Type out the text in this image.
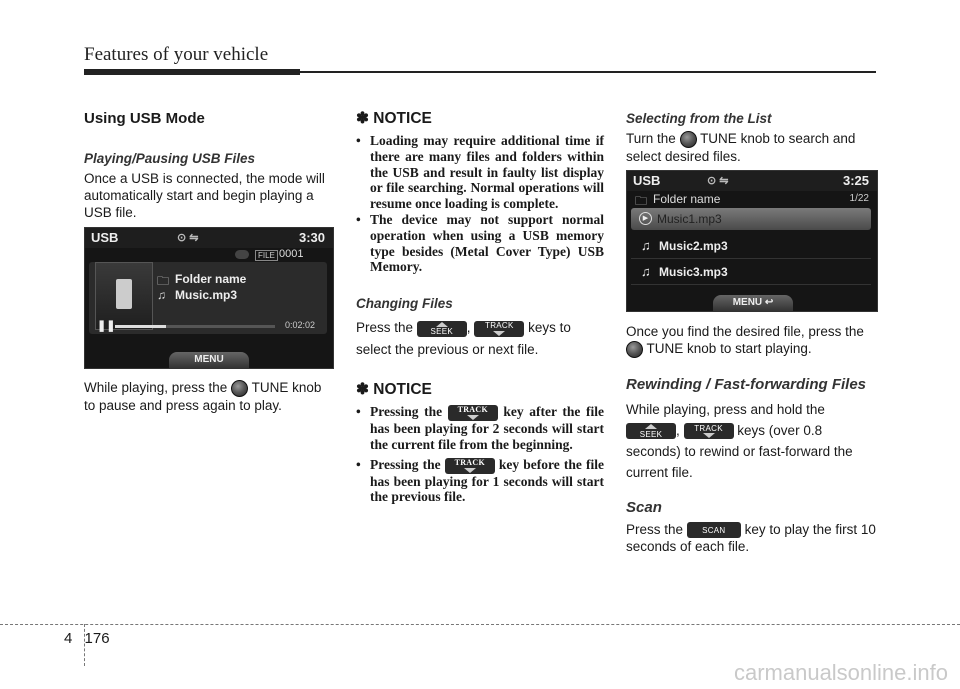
Features of your vehicle
Using USB Mode
Playing/Pausing USB Files

Once a USB is connected, the mode will automatically start and begin playing a USB file.

USB	⊙ ⇋	3:30
FILE 0001
🗀 Folder name
♫ Music.mp3
❚❚	0:02:02
MENU

While playing, press the TUNE knob to pause and press again to play.

✽ NOTICE
• Loading may require additional time if there are many files and folders within the USB and result in faulty list display or file searching. Normal operations will resume once loading is complete.
• The device may not support normal operation when using a USB memory type besides (Metal Cover Type) USB Memory.
Changing Files

Press the SEEK , TRACK keys to select the previous or next file.

✽ NOTICE
• Pressing the TRACK key after the file has been playing for 2 seconds will start the current file from the beginning.
• Pressing the TRACK key before the file has been playing for 1 seconds will start the previous file.
Selecting from the List

Turn the TUNE knob to search and select desired files.

USB	⊙ ⇋	3:25
🗀 Folder name	1/22
▶ Music1.mp3
♫ Music2.mp3
♫ Music3.mp3
MENU ↩

Once you find the desired file, press the
TUNE knob to start playing.

Rewinding / Fast-forwarding Files

While playing, press and hold the
SEEK , TRACK keys (over 0.8 seconds) to rewind or fast-forward the current file.

Scan

Press the SCAN key to play the first 10 seconds of each file.

4 176
carmanualsonline.info
